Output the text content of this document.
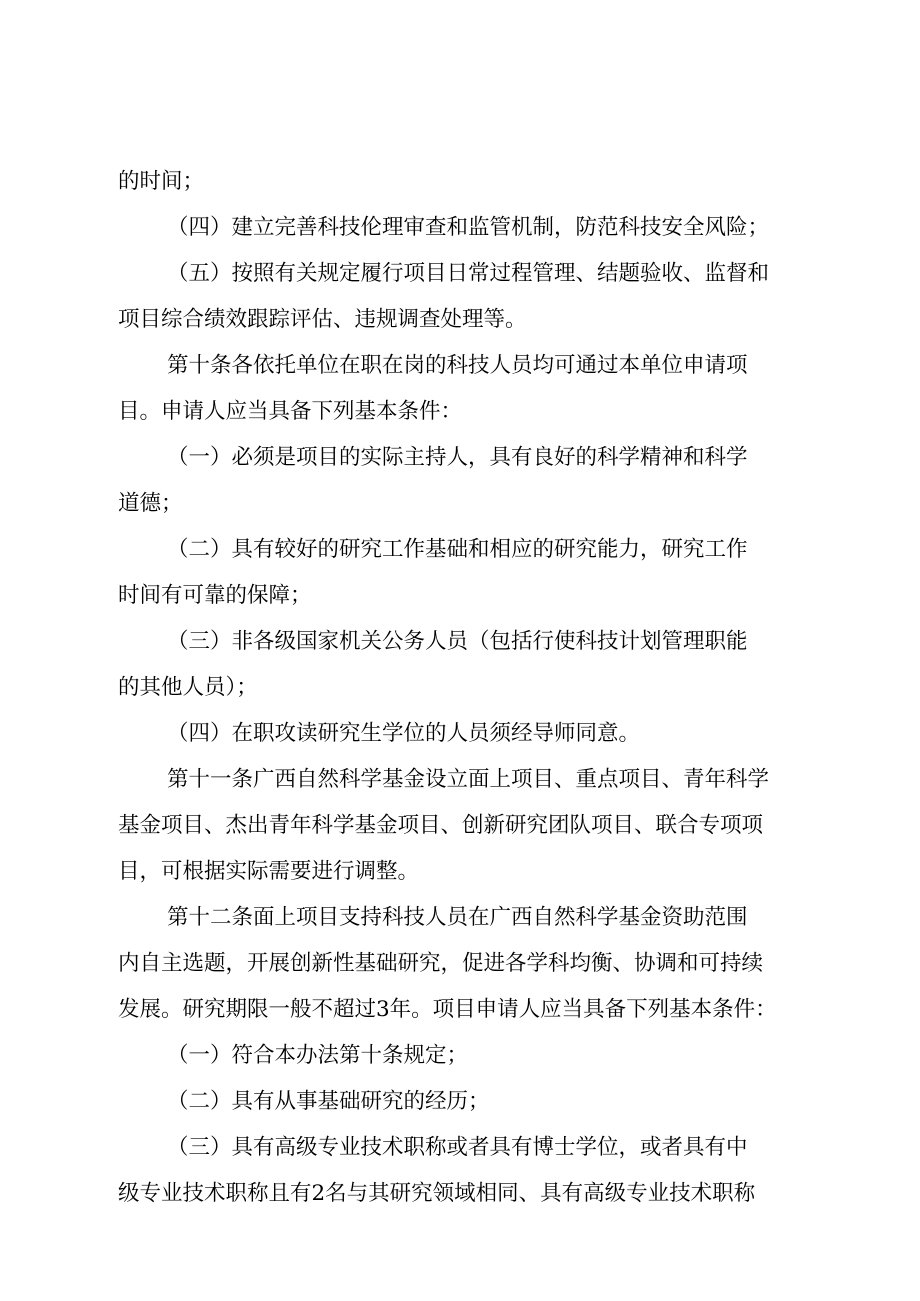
的时间；
（四）建立完善科技伦理审查和监管机制，防范科技安全风险；
（五）按照有关规定履行项目日常过程管理、结题验收、监督和
项目综合绩效跟踪评估、违规调查处理等。
第十条各依托单位在职在岗的科技人员均可通过本单位申请项
目。申请人应当具备下列基本条件：
（一）必须是项目的实际主持人，具有良好的科学精神和科学
道德；
（二）具有较好的研究工作基础和相应的研究能力，研究工作
时间有可靠的保障；
（三）非各级国家机关公务人员（包括行使科技计划管理职能
的其他人员）；
（四）在职攻读研究生学位的人员须经导师同意。
第十一条广西自然科学基金设立面上项目、重点项目、青年科学
基金项目、杰出青年科学基金项目、创新研究团队项目、联合专项项
目，可根据实际需要进行调整。
第十二条面上项目支持科技人员在广西自然科学基金资助范围
内自主选题，开展创新性基础研究，促进各学科均衡、协调和可持续
发展。研究期限一般不超过3年。项目申请人应当具备下列基本条件：
（一）符合本办法第十条规定；
（二）具有从事基础研究的经历；
（三）具有高级专业技术职称或者具有博士学位，或者具有中
级专业技术职称且有2名与其研究领域相同、具有高级专业技术职称
